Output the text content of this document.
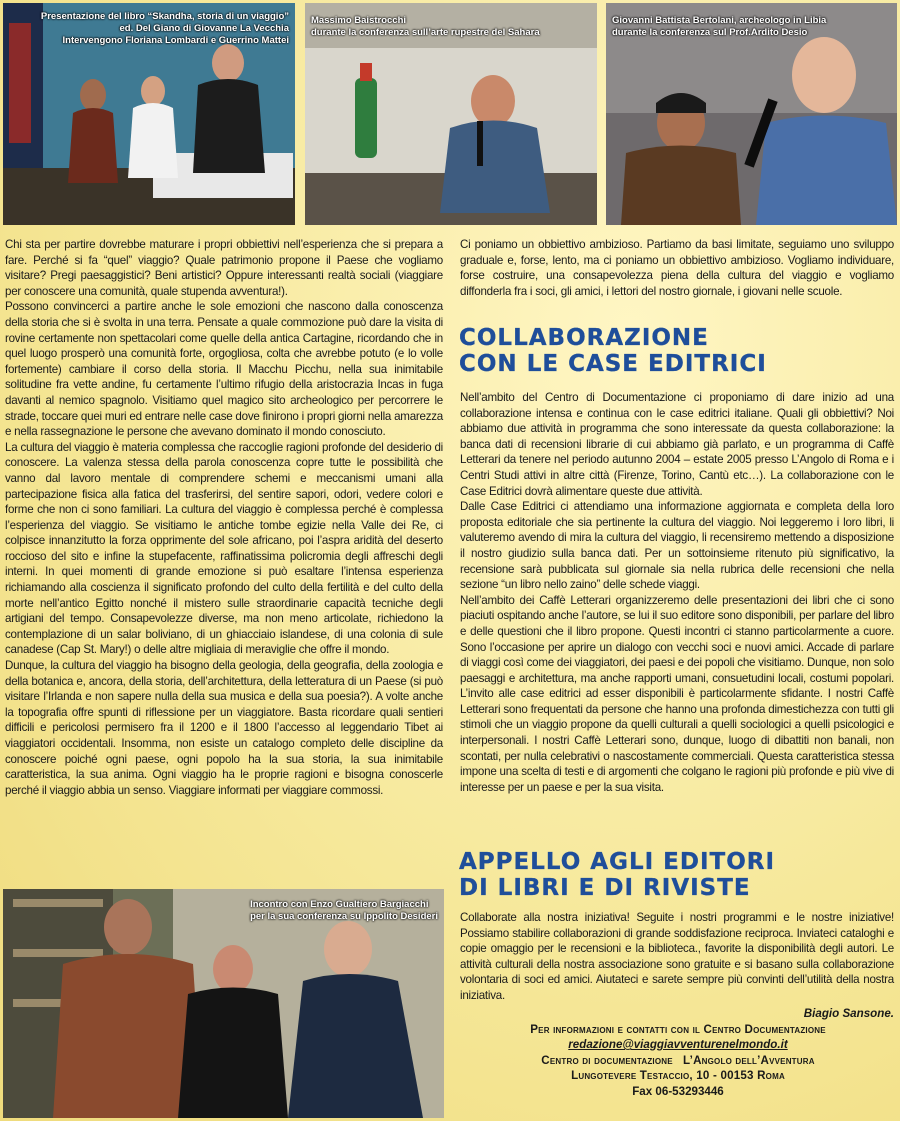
Presentazione del libro “Skandha, storia di un viaggio”
ed. Del Giano di Giovanne La Vecchia
Intervengono Floriana Lombardi e Guerrino Mattei
Massimo Baistrocchi
durante la conferenza sull’arte rupestre del Sahara
Giovanni Battista Bertolani, archeologo in Libia
durante la conferenza sul Prof.Ardito Desio

Chi sta per partire dovrebbe maturare i propri obbiettivi nell’esperienza che si prepara a fare. Perché si fa “quel” viaggio? Quale patrimonio propone il Paese che vogliamo visitare? Pregi paesaggistici? Beni artistici? Oppure interessanti realtà sociali (viaggiare per conoscere una comunità, quale stupenda avventura!).

Possono convincerci a partire anche le sole emozioni che nascono dalla conoscenza della storia che si è svolta in una terra. Pensate a quale commozione può dare la visita di rovine certamente non spettacolari come quelle della antica Cartagine, ricordando che in quel luogo prosperò una comunità forte, orgogliosa, colta che avrebbe potuto (e lo volle fortemente) cambiare il corso della storia. Il Macchu Picchu, nella sua inimitabile solitudine fra vette andine, fu certamente l’ultimo rifugio della aristocrazia Incas in fuga davanti al nemico spagnolo. Visitiamo quel magico sito archeologico per percorrere le strade, toccare quei muri ed entrare nelle case dove finirono i propri giorni nella amarezza e nella rassegnazione le persone che avevano dominato il mondo conosciuto.

La cultura del viaggio è materia complessa che raccoglie ragioni profonde del desiderio di conoscere. La valenza stessa della parola conoscenza copre tutte le possibilità che vanno dal lavoro mentale di comprendere schemi e meccanismi umani alla partecipazione fisica alla fatica del trasferirsi, del sentire sapori, odori, vedere colori e forme che non ci sono familiari. La cultura del viaggio è complessa perché è complessa l’esperienza del viaggio. Se visitiamo le antiche tombe egizie nella Valle dei Re, ci colpisce innanzitutto la forza opprimente del sole africano, poi l’aspra aridità del deserto roccioso del sito e infine la stupefacente, raffinatissima policromia degli affreschi degli interni. In quei momenti di grande emozione si può esaltare l’intensa esperienza richiamando alla coscienza il significato profondo del culto della fertilità e del culto della morte nell’antico Egitto nonché il mistero sulle straordinarie capacità tecniche degli artigiani del tempo. Consapevolezze diverse, ma non meno articolate, richiedono la contemplazione di un salar boliviano, di un ghiacciaio islandese, di una colonia di sule canadese (Cap St. Mary!) o delle altre migliaia di meraviglie che offre il mondo.

Dunque, la cultura del viaggio ha bisogno della geologia, della geografia, della zoologia e della botanica e, ancora, della storia, dell’architettura, della letteratura di un Paese (si può visitare l’Irlanda e non sapere nulla della sua musica e della sua poesia?). A volte anche la topografia offre spunti di riflessione per un viaggiatore. Basta ricordare quali sentieri difficili e pericolosi permisero fra il 1200 e il 1800 l’accesso al leggendario Tibet ai viaggiatori occidentali. Insomma, non esiste un catalogo completo delle discipline da conoscere poiché ogni paese, ogni popolo ha la sua storia, la sua inimitabile caratteristica, la sua anima. Ogni viaggio ha le proprie ragioni e bisogna conoscerle perché il viaggio abbia un senso. Viaggiare informati per viaggiare commossi.

Incontro con Enzo Gualtiero Bargiacchi
per la sua conferenza su Ippolito Desideri

Ci poniamo un obbiettivo ambizioso. Partiamo da basi limitate, seguiamo uno sviluppo graduale e, forse, lento, ma ci poniamo un obbiettivo ambizioso. Vogliamo individuare, forse costruire, una consapevolezza piena della cultura del viaggio e vogliamo diffonderla fra i soci, gli amici, i lettori del nostro giornale, i giovani nelle scuole.

COLLABORAZIONE
CON LE CASE EDITRICI

Nell’ambito del Centro di Documentazione ci proponiamo di dare inizio ad una collaborazione intensa e continua con le case editrici italiane. Quali gli obbiettivi? Noi abbiamo due attività in programma che sono interessate da questa collaborazione: la banca dati di recensioni librarie di cui abbiamo già parlato, e un programma di Caffè Letterari da tenere nel periodo autunno 2004 – estate 2005 presso L’Angolo di Roma e i Centri Studi attivi in altre città (Firenze, Torino, Cantù etc…). La collaborazione con le Case Editrici dovrà alimentare queste due attività.

Dalle Case Editrici ci attendiamo una informazione aggiornata e completa della loro proposta editoriale che sia pertinente la cultura del viaggio. Noi leggeremo i loro libri, li valuteremo avendo di mira la cultura del viaggio, li recensiremo mettendo a disposizione il nostro giudizio sulla banca dati. Per un sottoinsieme ritenuto più significativo, la recensione sarà pubblicata sul giornale sia nella rubrica delle recensioni che nella sezione “un libro nello zaino” delle schede viaggi.

Nell’ambito dei Caffè Letterari organizzeremo delle presentazioni dei libri che ci sono piaciuti ospitando anche l’autore, se lui il suo editore sono disponibili, per parlare del libro e delle questioni che il libro propone. Questi incontri ci stanno particolarmente a cuore. Sono l’occasione per aprire un dialogo con vecchi soci e nuovi amici. Accade di parlare di viaggi così come dei viaggiatori, dei paesi e dei popoli che visitiamo. Dunque, non solo paesaggi e architettura, ma anche rapporti umani, consuetudini locali, costumi popolari. L’invito alle case editrici ad esser disponibili è particolarmente sfidante. I nostri Caffè Letterari sono frequentati da persone che hanno una profonda dimestichezza con tutti gli stimoli che un viaggio propone da quelli culturali a quelli sociologici a quelli psicologici e interpersonali. I nostri Caffè Letterari sono, dunque, luogo di dibattiti non banali, non scontati, per nulla celebrativi o nascostamente commerciali. Questa caratteristica stessa impone una scelta di testi e di argomenti che colgano le ragioni più profonde e più vive di interesse per un paese e per la sua visita.

APPELLO AGLI EDITORI
DI LIBRI E DI RIVISTE

Collaborate alla nostra iniziativa! Seguite i nostri programmi e le nostre iniziative! Possiamo stabilire collaborazioni di grande soddisfazione reciproca. Inviateci cataloghi e copie omaggio per le recensioni e la biblioteca., favorite la disponibilità degli autori. Le attività culturali della nostra associazione sono gratuite e si basano sulla collaborazione volontaria di soci ed amici. Aiutateci e sarete sempre più convinti dell’utilità della nostra iniziativa.

Biagio Sansone.
Per informazioni e contatti con il Centro Documentazione
redazione@viaggiavventurenelmondo.it
Centro di documentazione   L’Angolo dell’Avventura
Lungotevere Testaccio, 10 - 00153 Roma
Fax 06-53293446
